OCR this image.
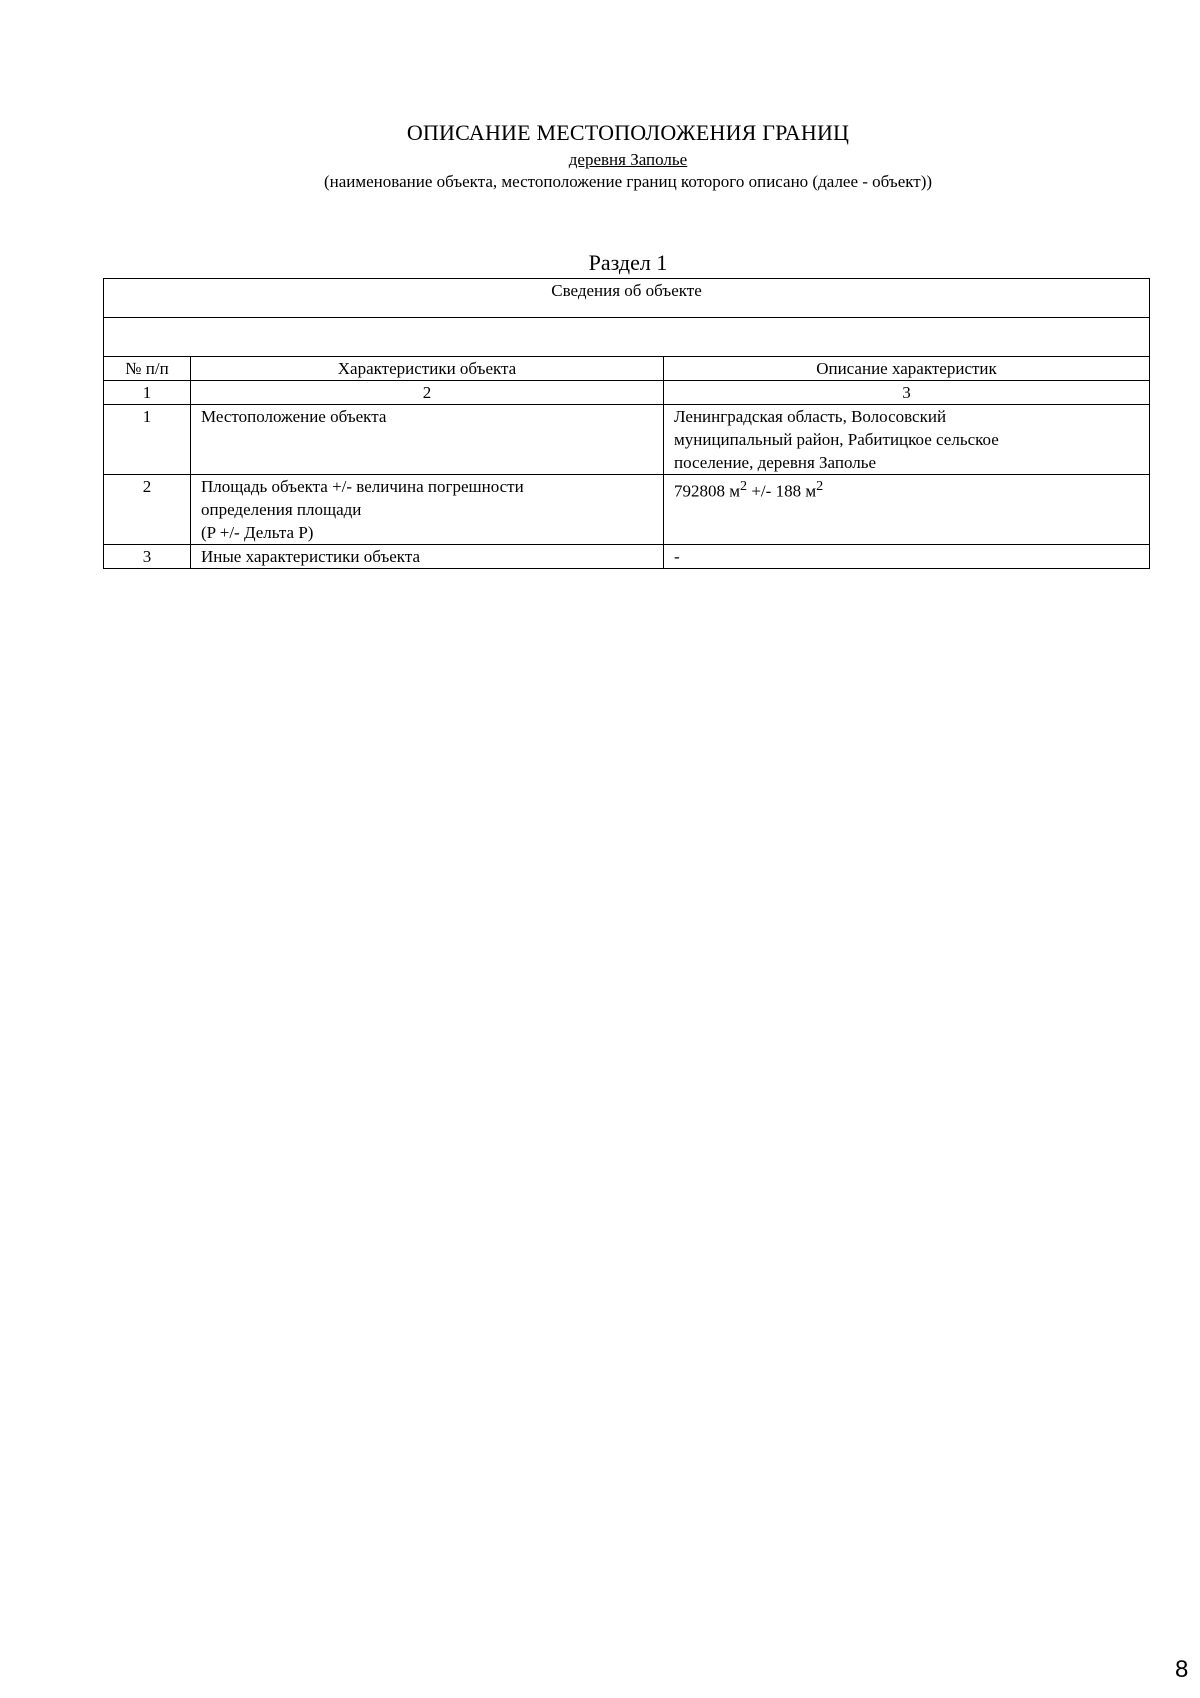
ОПИСАНИЕ МЕСТОПОЛОЖЕНИЯ ГРАНИЦ
деревня Заполье
(наименование объекта, местоположение границ которого описано (далее - объект))
Раздел 1
Сведения об объекте		

№ п/п	Характеристики объекта	Описание характеристик
1	2	3
1	Местоположение объекта	Ленинградская область, Волосовский
муниципальный район, Рабитицкое сельское
поселение, деревня Заполье

2	Площадь объекта +/- величина погрешности
определения площади
(P +/- Дельта P)	792808 $м^2$ +/- 188 $м^2$
3	Иные характеристики объекта	-
8
